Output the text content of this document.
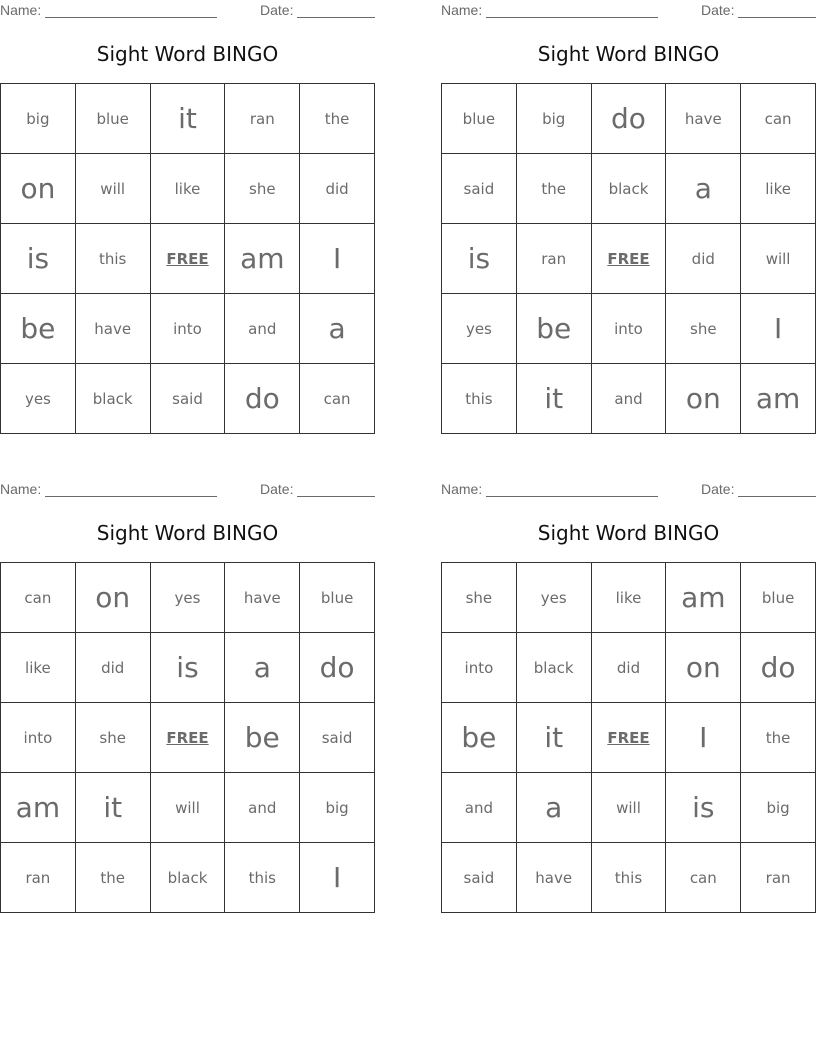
Name:	Date:
Sight Word BINGO
big	blue	it	ran	the
on	will	like	she	did
is	this	FREE	am	I
be	have	into	and	a
yes	black	said	do	can
Name:	Date:
Sight Word BINGO
blue	big	do	have	can
said	the	black	a	like
is	ran	FREE	did	will
yes	be	into	she	I
this	it	and	on	am
Name:	Date:
Sight Word BINGO
can	on	yes	have	blue
like	did	is	a	do
into	she	FREE	be	said
am	it	will	and	big
ran	the	black	this	I
Name:	Date:
Sight Word BINGO
she	yes	like	am	blue
into	black	did	on	do
be	it	FREE	I	the
and	a	will	is	big
said	have	this	can	ran
